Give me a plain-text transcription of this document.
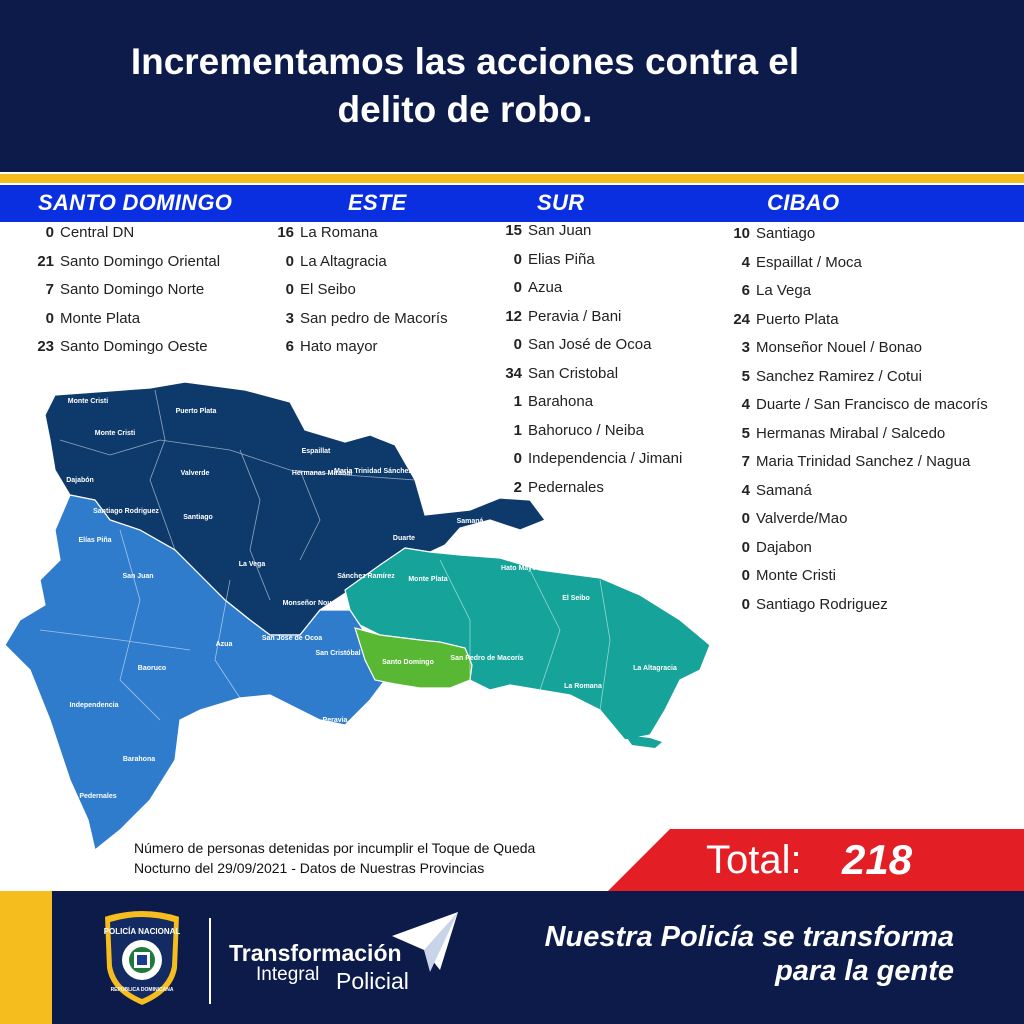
Incrementamos las acciones contra el
delito de robo.
SANTO DOMINGO	ESTE	SUR	CIBAO
0 Central DN
21 Santo Domingo Oriental
7 Santo Domingo Norte
0 Monte Plata
23 Santo Domingo Oeste
16 La Romana
0 La Altagracia
0 El Seibo
3 San pedro de Macorís
6 Hato mayor
15 San Juan
0 Elias Piña
0 Azua
12 Peravia / Bani
0 San José de Ocoa
34 San Cristobal
1 Barahona
1 Bahoruco / Neiba
0 Independencia / Jimani
2 Pedernales
10 Santiago
4 Espaillat / Moca
6 La Vega
24 Puerto Plata
3 Monseñor Nouel / Bonao
5 Sanchez Ramirez / Cotui
4 Duarte / San Francisco de macorís
5 Hermanas Mirabal / Salcedo
7 Maria Trinidad Sanchez / Nagua
4 Samaná
0 Valverde/Mao
0 Dajabon
0 Monte Cristi
0 Santiago Rodriguez
Monte Cristi
Puerto Plata
Monte Cristi
Dajabón
Valverde
Santiago Rodriguez
Santiago
Espaillat
Hermanas Mirabal
Maria Trinidad Sánchez
Samaná
Duarte
La Vega
Sánchez Ramírez
Monseñor Nouel
Elías Piña
San Juan
Azua
Baoruco
Independencia
Barahona
Pedernales
San José de Ocoa
San Cristóbal
Peravia
Monte Plata
Hato Mayor
El Seibo
La Altagracia
Santo Domingo
San Pedro de Macorís
La Romana
Número de personas detenidas por incumplir el Toque de Queda
Nocturno del 29/09/2021 - Datos de Nuestras Provincias	Total: 218
POLICÍA NACIONAL
REPÚBLICA DOMINICANA
Transformación
Integral Policial
Nuestra Policía se transforma
para la gente
